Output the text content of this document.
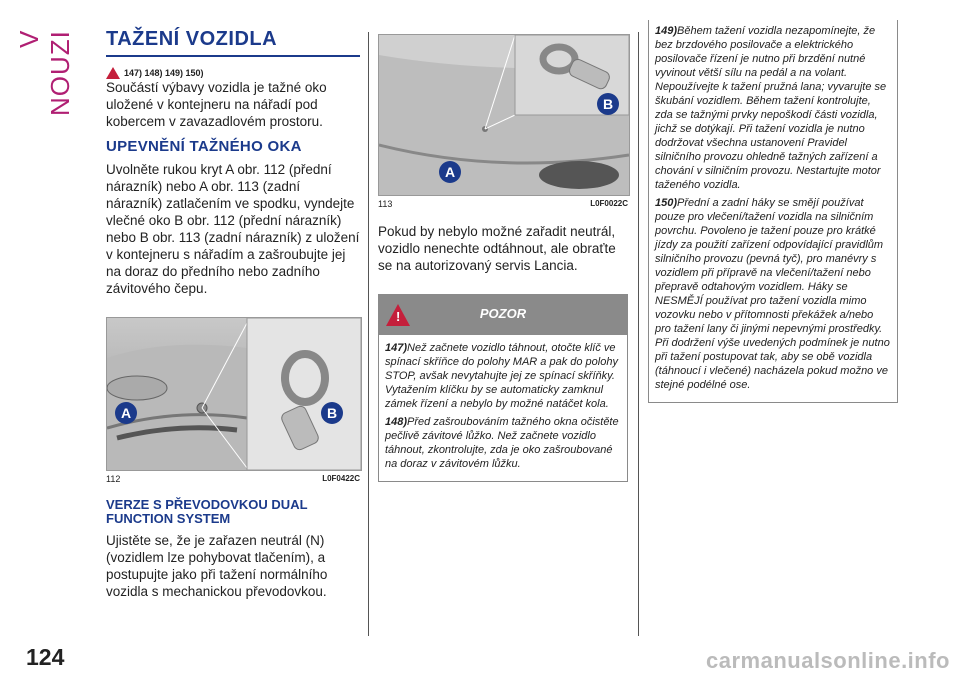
V NOUZI TAŽENÍ VOZIDLA
147) 148) 149) 150)

Součástí výbavy vozidla je tažné oko uložené v kontejneru na nářadí pod kobercem v zavazadlovém prostoru.

UPEVNĚNÍ TAŽNÉHO OKA

Uvolněte rukou kryt A obr. 112 (přední nárazník) nebo A obr. 113 (zadní nárazník) zatlačením ve spodku, vyndejte vlečné oko B obr. 112 (přední nárazník) nebo B obr. 113 (zadní nárazník) z uložení v kontejneru s nářadím a zašroubujte jej na doraz do předního nebo zadního závitového čepu.

A	B
112	L0F0422C
VERZE S PŘEVODOVKOU DUAL FUNCTION SYSTEM

Ujistěte se, že je zařazen neutrál (N) (vozidlem lze pohybovat tlačením), a postupujte jako při tažení normálního vozidla s mechanickou převodovkou.

A
B
113	L0F0022C

Pokud by nebylo možné zařadit neutrál, vozidlo nenechte odtáhnout, ale obraťte se na autorizovaný servis Lancia.

!
POZOR

147)Než začnete vozidlo táhnout, otočte klíč ve spínací skříňce do polohy MAR a pak do polohy STOP, avšak nevytahujte jej ze spínací skříňky. Vytažením klíčku by se automaticky zamknul zámek řízení a nebylo by možné natáčet kola.

148)Před zašroubováním tažného okna očistěte pečlivě závitové lůžko. Než začnete vozidlo táhnout, zkontrolujte, zda je oko zašroubované na doraz v závitovém lůžku.

149)Během tažení vozidla nezapomínejte, že bez brzdového posilovače a elektrického posilovače řízení je nutno při brzdění nutné vyvinout větší sílu na pedál a na volant. Nepoužívejte k tažení pružná lana; vyvarujte se škubání vozidlem. Během tažení kontrolujte, zda se tažnými prvky nepoškodí části vozidla, jichž se dotýkají. Při tažení vozidla je nutno dodržovat všechna ustanovení Pravidel silničního provozu ohledně tažných zařízení a chování v silničním provozu. Nestartujte motor taženého vozidla.

150)Přední a zadní háky se smějí používat pouze pro vlečení/tažení vozidla na silničním povrchu. Povoleno je tažení pouze pro krátké jízdy za použití zařízení odpovídající pravidlům silničního provozu (pevná tyč), pro manévry s vozidlem při přípravě na vlečení/tažení nebo přepravě odtahovým vozidlem. Háky se NESMĚJÍ používat pro tažení vozidla mimo vozovku nebo v přítomnosti překážek a/nebo pro tažení lany či jinými nepevnými prostředky. Při dodržení výše uvedených podmínek je nutno při tažení postupovat tak, aby se obě vozidla (táhnoucí i vlečené) nacházela pokud možno ve stejné podélné ose.

124	carmanualsonline.info
